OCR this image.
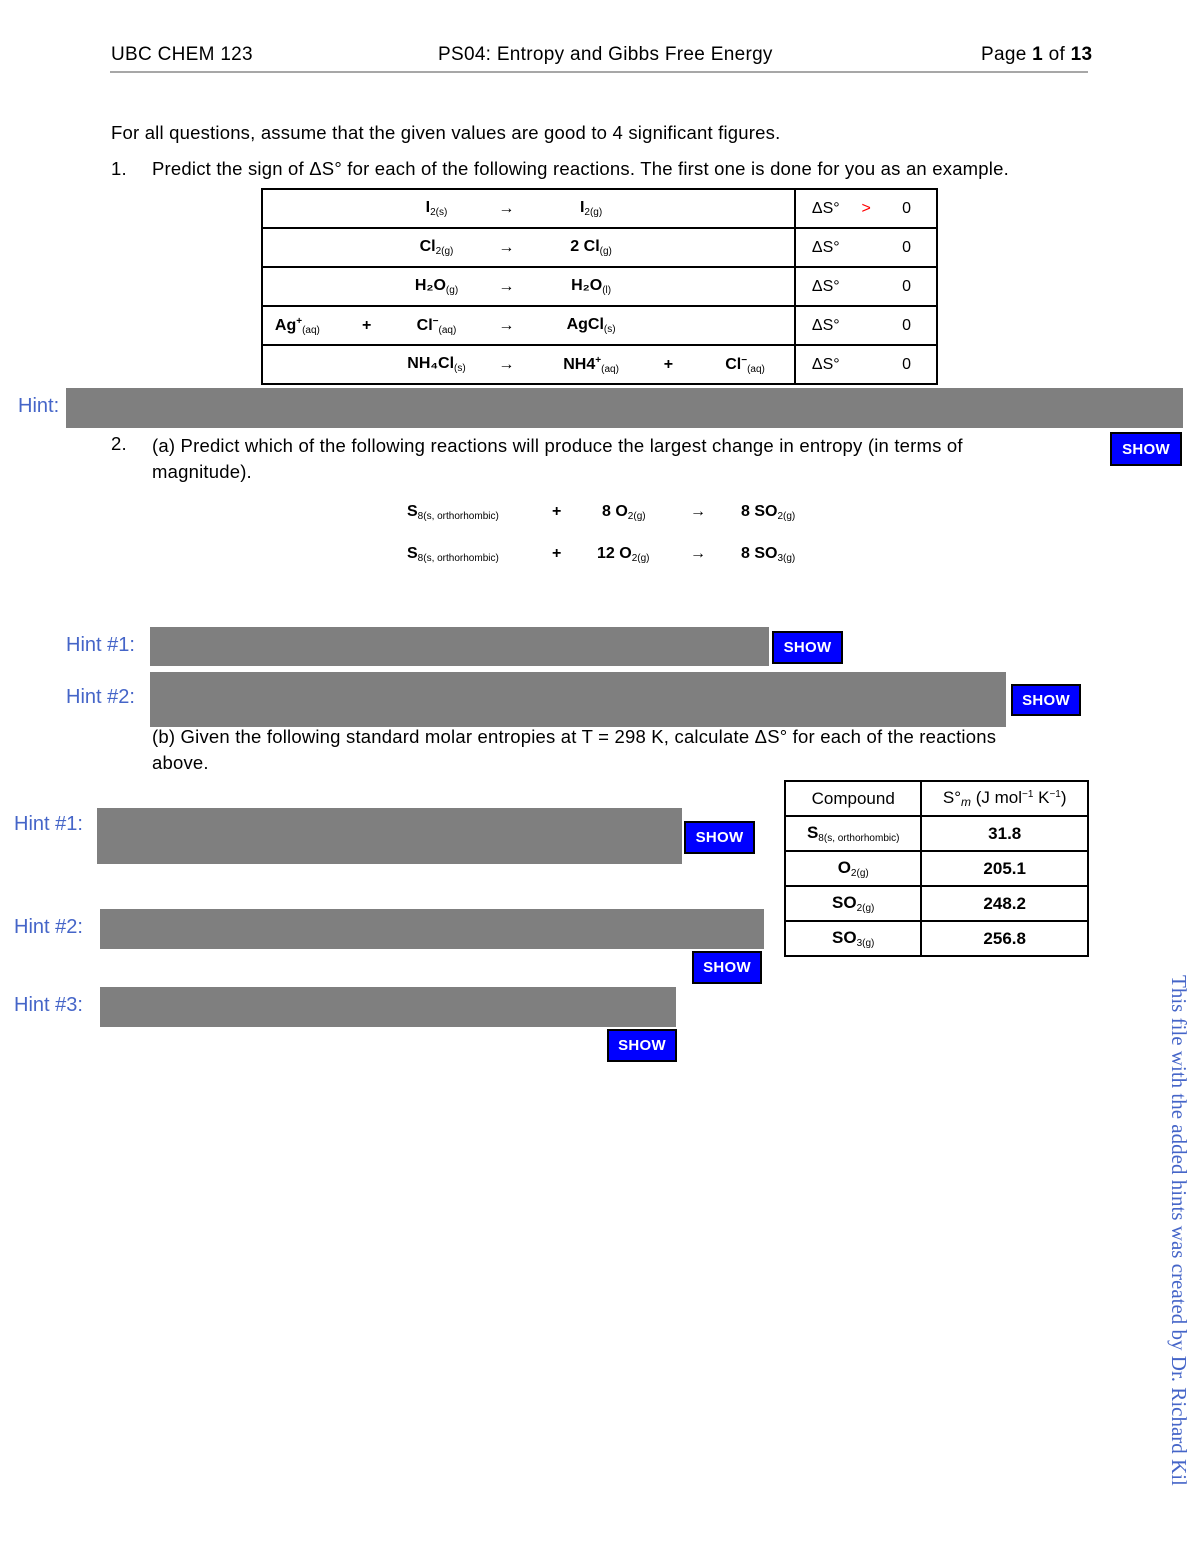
UBC CHEM 123	PS04: Entropy and Gibbs Free Energy	Page 1 of 13
For all questions, assume that the given values are good to 4 significant figures.
1. Predict the sign of ΔS° for each of the following reactions. The first one is done for you as an example.
		$I_{2(s)}$	→	$I_{2(g)}$			ΔS°	>	0
		$Cl_{2(g)}$	→	2 $Cl_{(g)}$			ΔS°		0
		$H_2O_{(g)}$	→	$H_2O_{(l)}$			ΔS°		0
$Ag^+_{(aq)}$	+	$Cl^-_{(aq)}$	→	AgCl$_{(s)}$			ΔS°		0
		$NH_4Cl_{(s)}$	→	$NH4^+_{(aq)}$	+	$Cl^-_{(aq)}$	ΔS°		0
Hint:
2. (a) Predict which of the following reactions will produce the largest change in entropy (in terms of magnitude).
SHOW
$S_{8(s, orthorhombic)}$	+	8 $O_{2(g)}$	→ 8 $SO_{2(g)}$
$S_{8(s, orthorhombic)}$	+ 12 $O_{2(g)}$	→ 8 $SO_{3(g)}$
Hint #1:	SHOW
Hint #2:	SHOW
(b) Given the following standard molar entropies at T = 298 K, calculate ΔS° for each of the reactions above.
Compound	$S^\circ_m$ (J mol$^{-1}$ $K^{-1}$)
$S_{8(s, orthorhombic)}$	31.8
$O_{2(g)}$	205.1
$SO_{2(g)}$	248.2
$SO_{3(g)}$	256.8
Hint #1:
SHOW
Hint #2:
SHOW
Hint #3:
SHOW	This file with the added hints was created by Dr. Richard Kil
